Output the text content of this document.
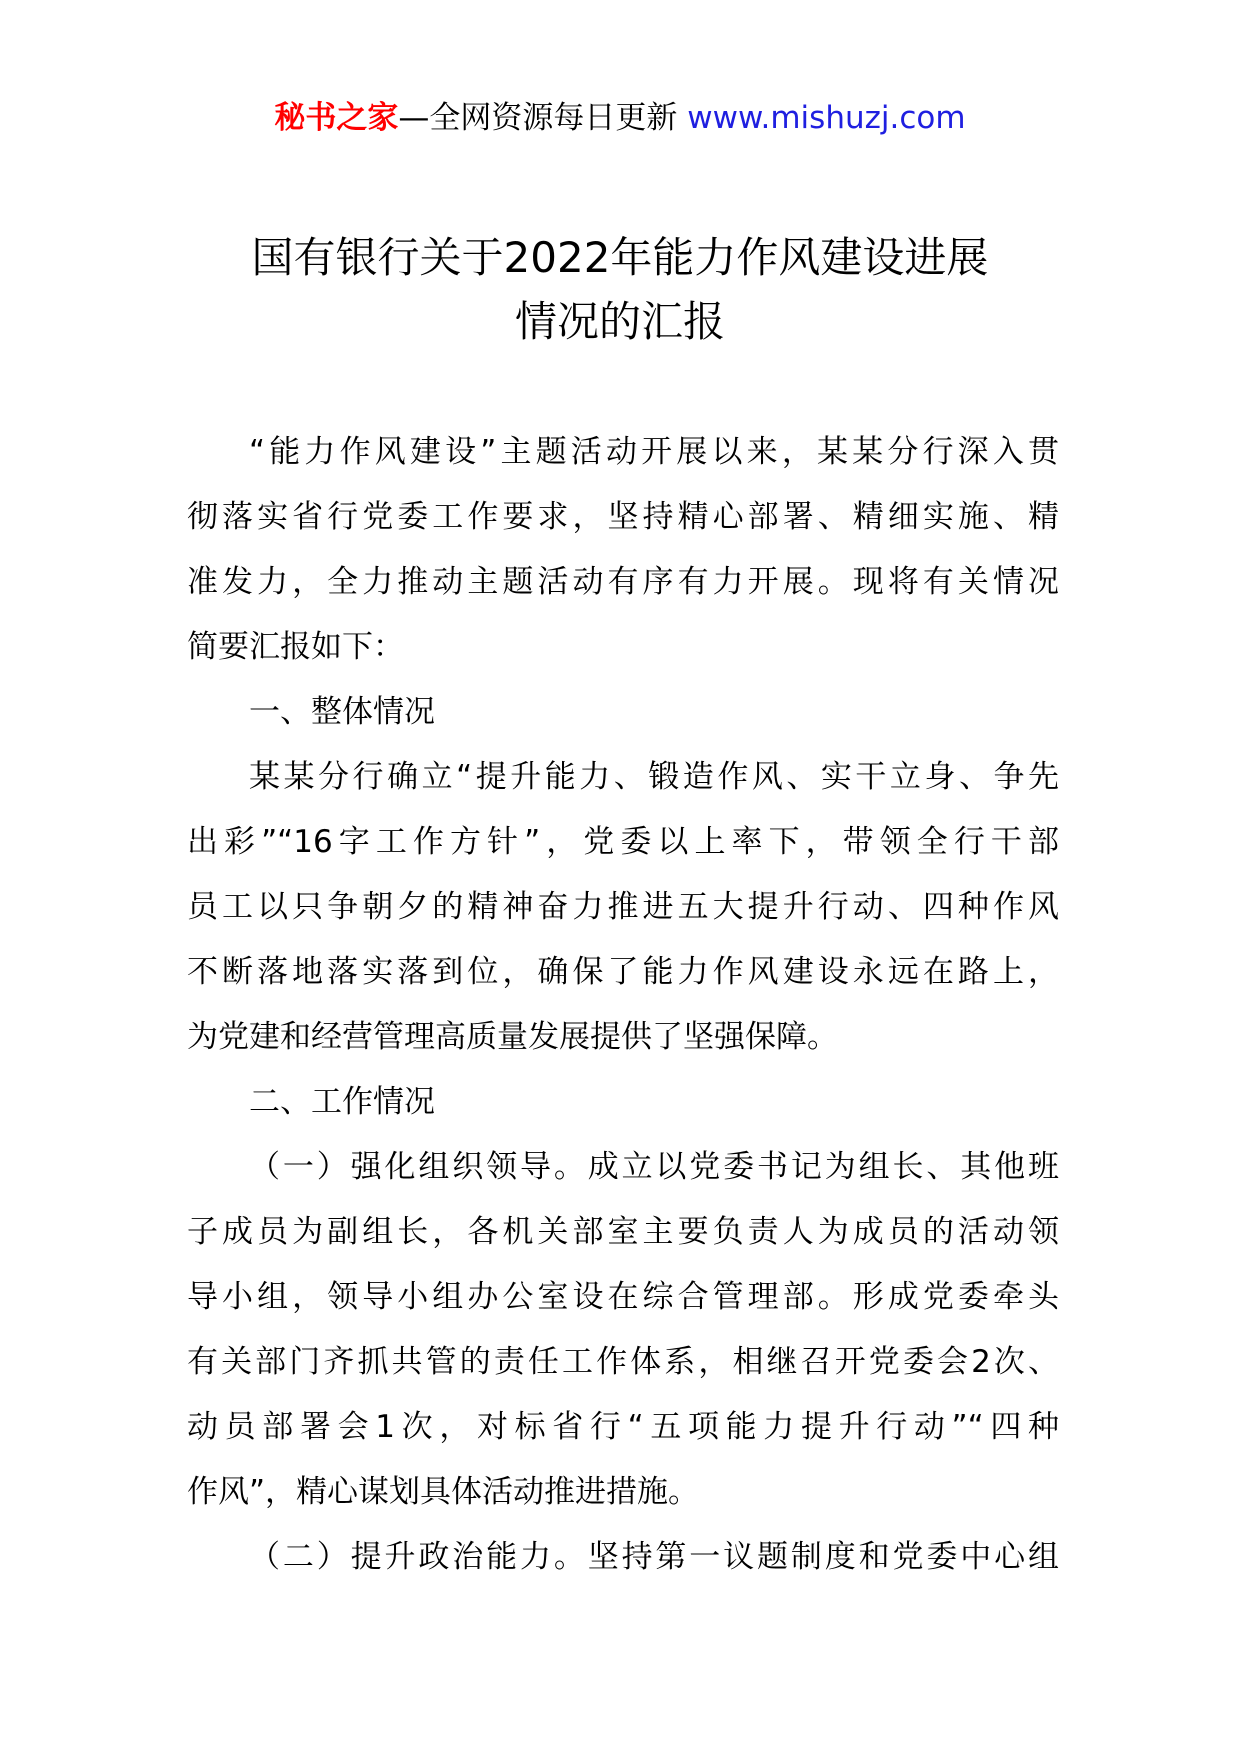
秘书之家—全网资源每日更新 www.mishuzj.com
国有银行关于2022年能力作风建设进展
情况的汇报
“能力作风建设”主题活动开展以来，某某分行深入贯
彻落实省行党委工作要求，坚持精心部署、精细实施、精
准发力，全力推动主题活动有序有力开展。现将有关情况
简要汇报如下：
一、整体情况
某某分行确立“提升能力、锻造作风、实干立身、争先
出彩”“16字工作方针”，党委以上率下，带领全行干部
员工以只争朝夕的精神奋力推进五大提升行动、四种作风
不断落地落实落到位，确保了能力作风建设永远在路上，
为党建和经营管理高质量发展提供了坚强保障。
二、工作情况
（一）强化组织领导。成立以党委书记为组长、其他班
子成员为副组长，各机关部室主要负责人为成员的活动领
导小组，领导小组办公室设在综合管理部。形成党委牵头
有关部门齐抓共管的责任工作体系，相继召开党委会2次、
动员部署会1次，对标省行“五项能力提升行动”“四种
作风”，精心谋划具体活动推进措施。
（二）提升政治能力。坚持第一议题制度和党委中心组
